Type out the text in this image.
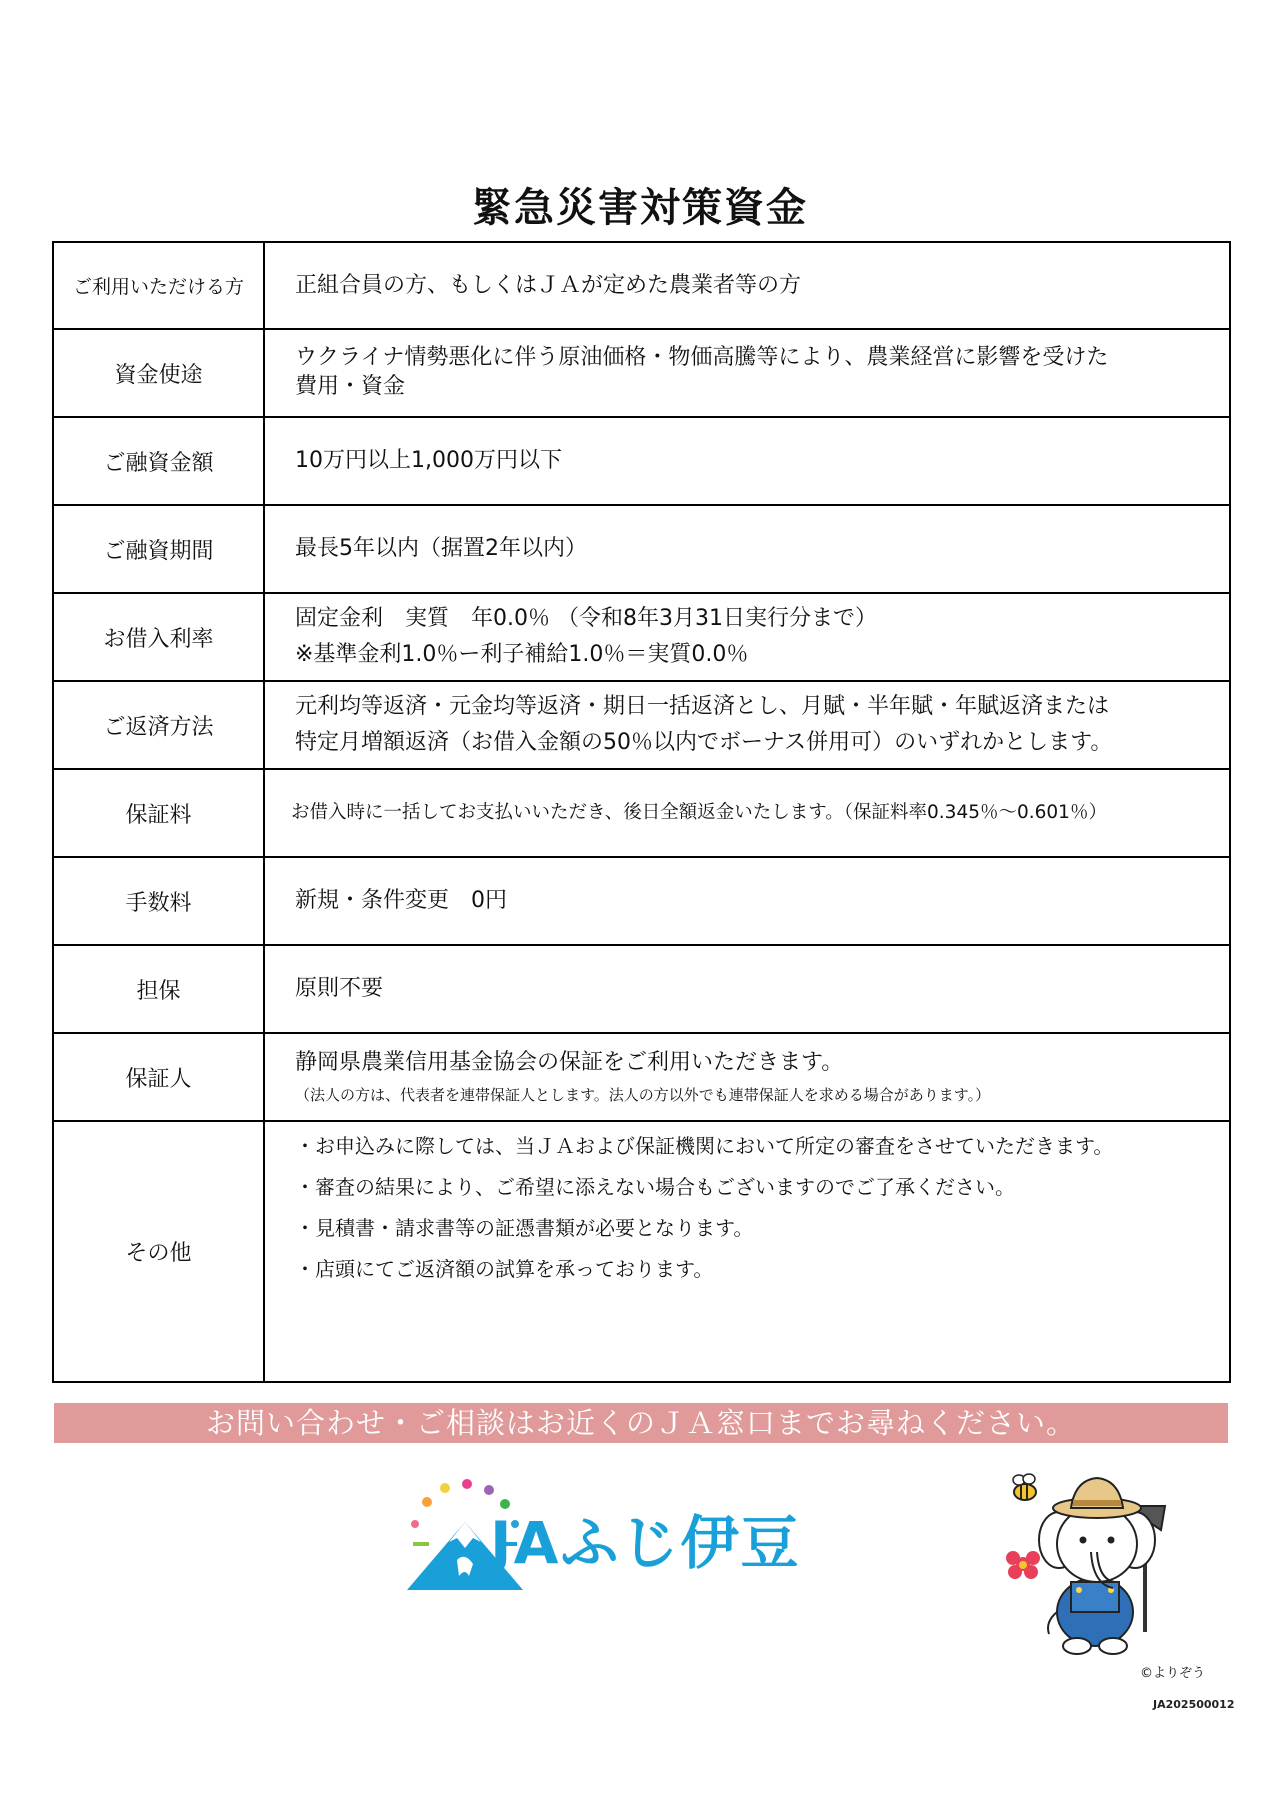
緊急災害対策資金
ご利用いただける方	正組合員の方、もしくはＪＡが定めた農業者等の方

資金使途	ウクライナ情勢悪化に伴う原油価格・物価高騰等により、農業経営に影響を受けた
費用・資金

ご融資金額	10万円以上1,000万円以下

ご融資期間	最長5年以内（据置2年以内）

お借入利率	固定金利　実質　年0.0％ （令和8年3月31日実行分まで）
※基準金利1.0％ー利子補給1.0％＝実質0.0％

ご返済方法	元利均等返済・元金均等返済・期日一括返済とし、月賦・半年賦・年賦返済または
特定月増額返済（お借入金額の50％以内でボーナス併用可）のいずれかとします。

保証料	お借入時に一括してお支払いいただき、後日全額返金いたします。（保証料率0.345％～0.601％）

手数料	新規・条件変更　0円

担保	原則不要

保証人	静岡県農業信用基金協会の保証をご利用いただきます。
（法人の方は、代表者を連帯保証人とします。法人の方以外でも連帯保証人を求める場合があります。）

その他	・お申込みに際しては、当ＪＡおよび保証機関において所定の審査をさせていただきます。
・審査の結果により、ご希望に添えない場合もございますのでご了承ください。
・見積書・請求書等の証憑書類が必要となります。
・店頭にてご返済額の試算を承っております。
お問い合わせ・ご相談はお近くのＪＡ窓口までお尋ねください。
JAふじ伊豆
©よりぞう
JA202500012
